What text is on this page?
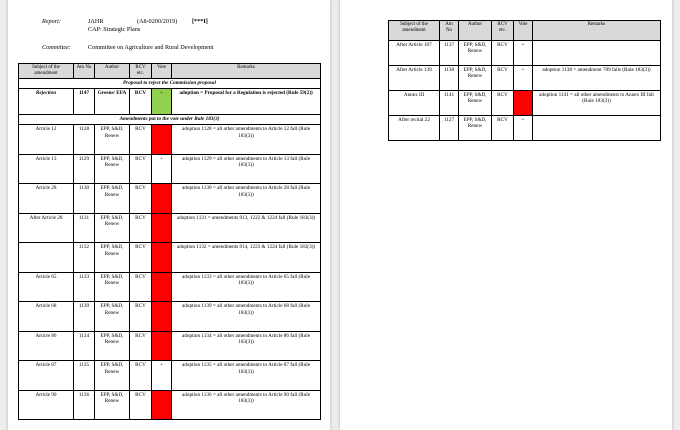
Report:	JAHR	(A8-0200/2019) [***I]
CAP: Strategic Plans
Committee:	Committee on Agriculture and Rural Development
Subject of the amendment	Am No	Author	RCV etc.	Vote	Remarks
Proposal to reject the Commission proposal					
Rejection	1147	Greens/ EFA	RCV	+	adoption = Proposal for a Regulation is rejected (Rule 59(2))
Amendments put to the vote under Rule 183(3)					
Article 12	1128	EPP, S&D, Renew	RCV	-	adoption 1128 = all other amendments to Article 12 fall (Rule 183(3))
Article 13	1129	EPP, S&D, Renew	RCV	+	adoption 1129 = all other amendments to Article 13 fall (Rule 183(3))
Article 28	1130	EPP, S&D, Renew	RCV	-	adoption 1130 = all other amendments to Article 28 fall (Rule 183(3))
After Article 28	1131	EPP, S&D, Renew	RCV	-	adoption 1131 = amendments 913, 1222 & 1224 fall (Rule 183(3))
	1132	EPP, S&D, Renew	RCV	-	adoption 1132 = amendments 914, 1223 & 1224 fall (Rule 183(3))
Article 65	1133	EPP, S&D, Renew	RCV	-	adoption 1133 = all other amendments to Article 65 fall (Rule 183(3))
Article 68	1139	EPP, S&D, Renew	RCV	-	adoption 1139 = all other amendments to Article 68 fall (Rule 183(3))
Article 86	1134	EPP, S&D, Renew	RCV	-	adoption 1134 = all other amendments to Article 86 fall (Rule 183(3))
Article 87	1135	EPP, S&D, Renew	RCV	+	adoption 1135 = all other amendments to Article 87 fall (Rule 183(3))
Article 90	1136	EPP, S&D, Renew	RCV	-	adoption 1136 = all other amendments to Article 90 fall (Rule 183(3))
Subject of the amendment	Am No	Author	RCV etc.	Vote	Remarks
After Article 107	1137	EPP, S&D, Renew	RCV	+	
After Article 139	1138	EPP, S&D, Renew	RCV	+	adoption 1138 = amendment 709 falls (Rule 183(3))
Annex III	1141	EPP, S&D, Renew	RCV	-	adoption 1141 = all other amendments to Annex III fall (Rule 183(3))
After recital 22	1127	EPP, S&D, Renew	RCV	+	
